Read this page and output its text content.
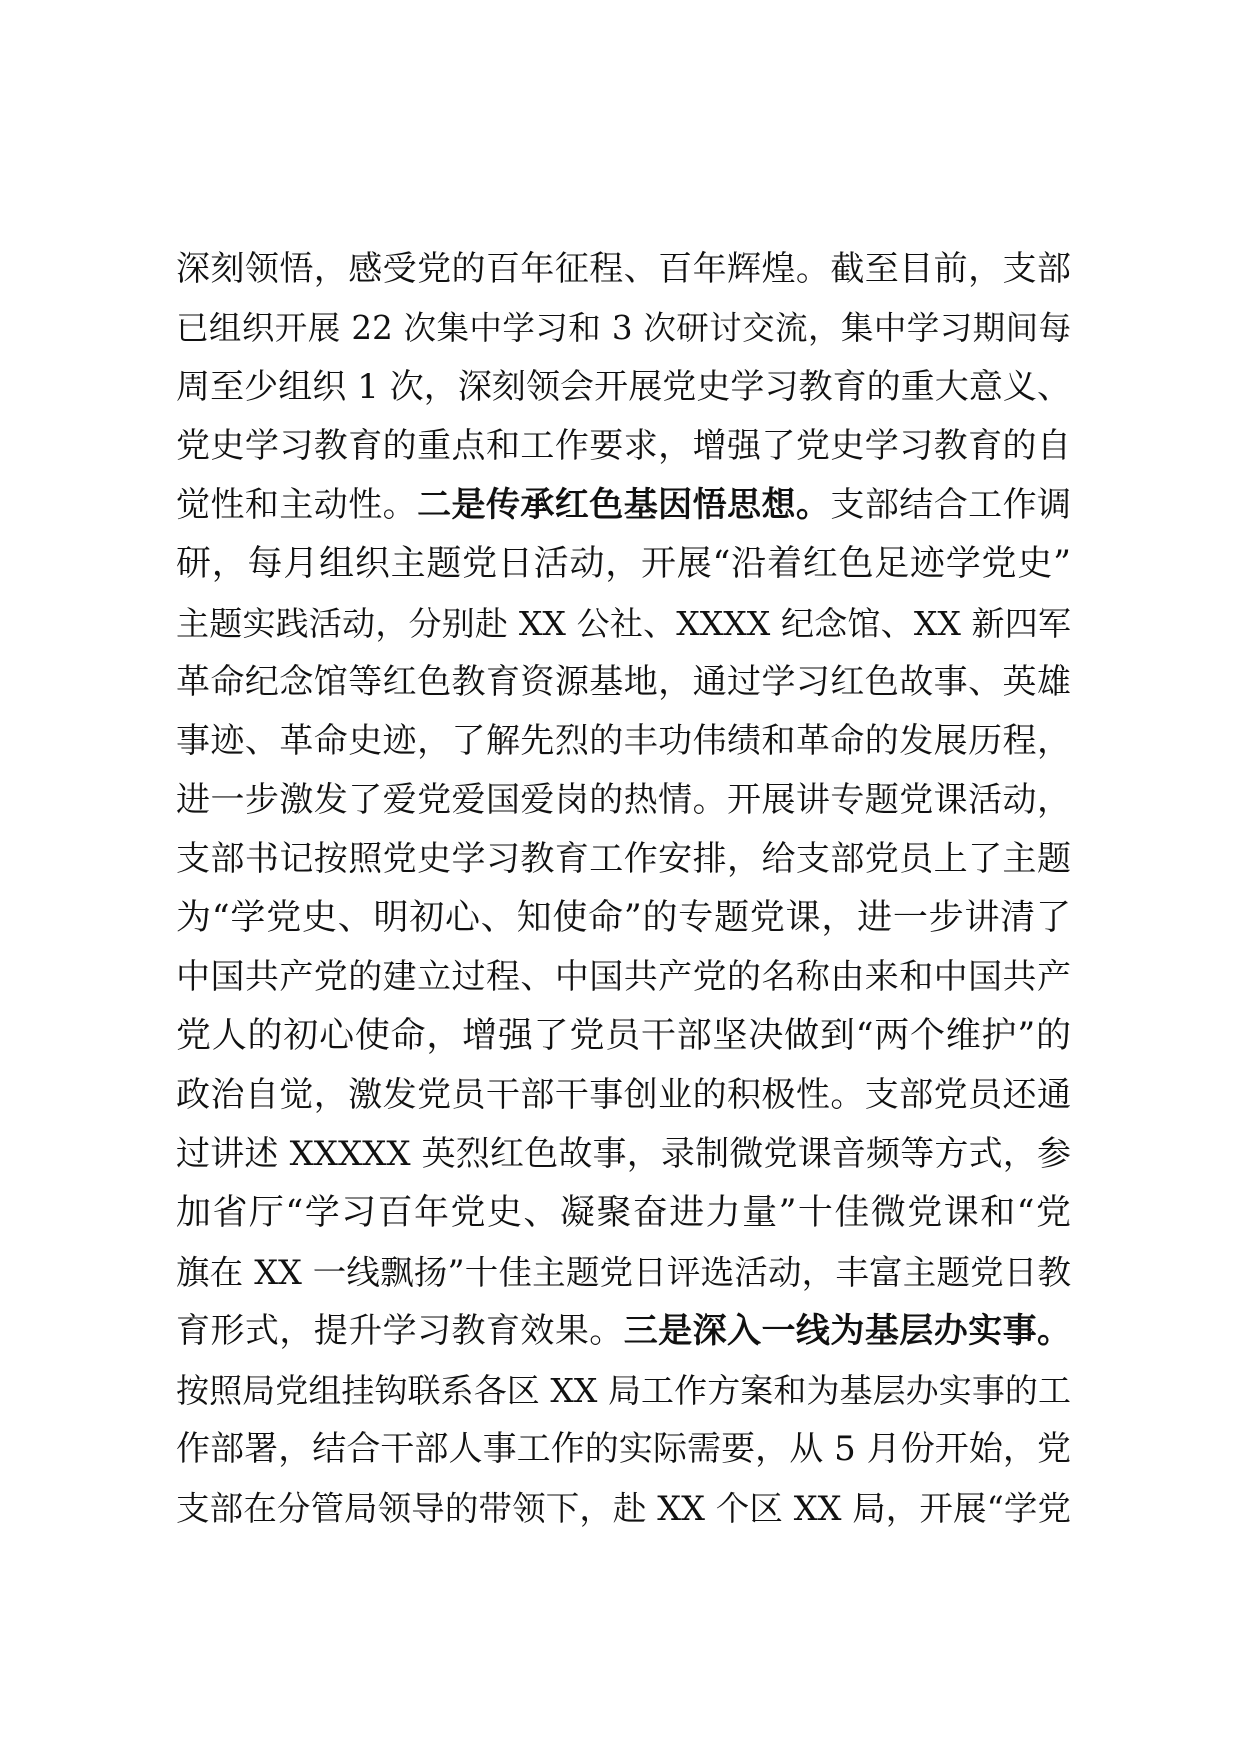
深刻领悟，感受党的百年征程、百年辉煌。截至目前，支部
已组织开展 22 次集中学习和 3 次研讨交流，集中学习期间每
周至少组织 1 次，深刻领会开展党史学习教育的重大意义、
党史学习教育的重点和工作要求，增强了党史学习教育的自
觉性和主动性。二是传承红色基因悟思想。支部结合工作调
研，每月组织主题党日活动，开展“沿着红色足迹学党史”
主题实践活动，分别赴 XX 公社、XXXX 纪念馆、XX 新四军
革命纪念馆等红色教育资源基地，通过学习红色故事、英雄
事迹、革命史迹，了解先烈的丰功伟绩和革命的发展历程，
进一步激发了爱党爱国爱岗的热情。开展讲专题党课活动，
支部书记按照党史学习教育工作安排，给支部党员上了主题
为“学党史、明初心、知使命”的专题党课，进一步讲清了
中国共产党的建立过程、中国共产党的名称由来和中国共产
党人的初心使命，增强了党员干部坚决做到“两个维护”的
政治自觉，激发党员干部干事创业的积极性。支部党员还通
过讲述 XXXXX 英烈红色故事，录制微党课音频等方式，参
加省厅“学习百年党史、凝聚奋进力量”十佳微党课和“党
旗在 XX 一线飘扬”十佳主题党日评选活动，丰富主题党日教
育形式，提升学习教育效果。三是深入一线为基层办实事。
按照局党组挂钩联系各区 XX 局工作方案和为基层办实事的工
作部署，结合干部人事工作的实际需要，从 5 月份开始，党
支部在分管局领导的带领下，赴 XX 个区 XX 局，开展“学党
